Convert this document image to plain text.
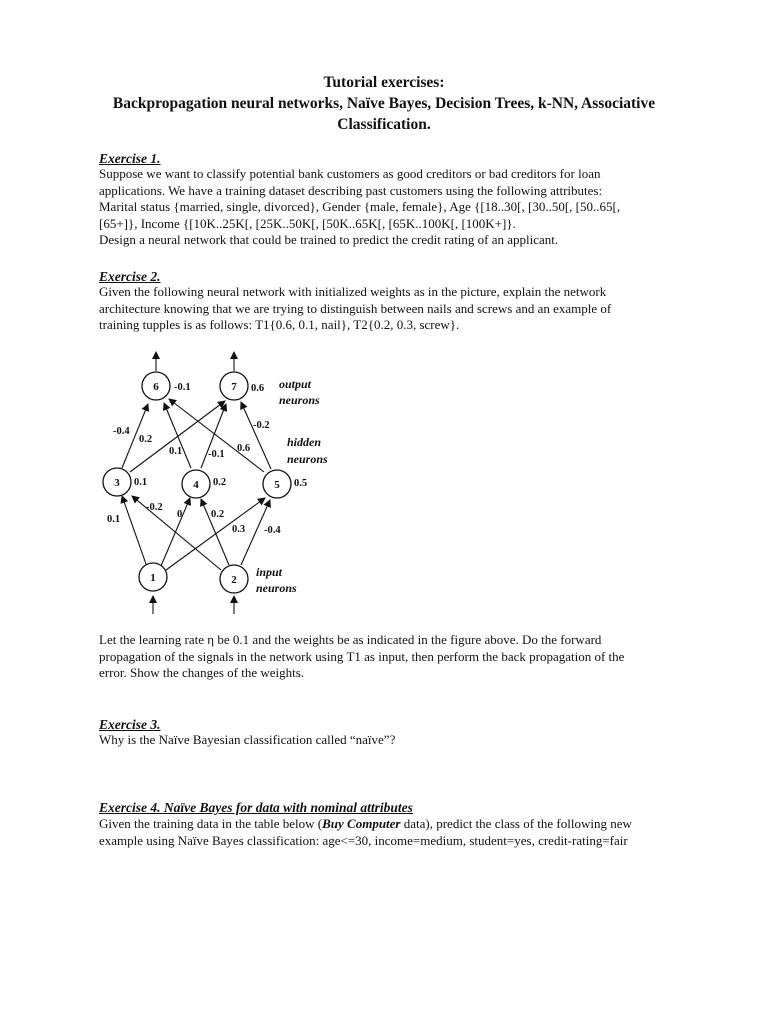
Tutorial exercises:
Backpropagation neural networks, Naïve Bayes, Decision Trees, k-NN, Associative
Classification.
Exercise 1.
Suppose we want to classify potential bank customers as good creditors or bad creditors for loan
applications. We have a training dataset describing past customers using the following attributes:
Marital status {married, single, divorced}, Gender {male, female}, Age {[18..30[, [30..50[, [50..65[,
[65+]}, Income {[10K..25K[, [25K..50K[, [50K..65K[, [65K..100K[, [100K+]}.
Design a neural network that could be trained to predict the credit rating of an applicant.
Exercise 2.
Given the following neural network with initialized weights as in the picture, explain the network
architecture knowing that we are trying to distinguish between nails and screws and an example of
training tupples is as follows: T1{0.6, 0.1, nail}, T2{0.2, 0.3, screw}.
6	7
3	4	5
1	2
-0.1	0.6
0.1	0.2	0.5
-0.4
0.2
0.1 -0.1
0.6
-0.2
0.1
-0.2
0.2
0
0.3 -0.4
output
neurons
hidden
neurons
input
neurons
Let the learning rate η be 0.1 and the weights be as indicated in the figure above. Do the forward
propagation of the signals in the network using T1 as input, then perform the back propagation of the
error. Show the changes of the weights.
Exercise 3.
Why is the Naïve Bayesian classification called “naïve”?
Exercise 4. Naïve Bayes for data with nominal attributes
Given the training data in the table below (Buy Computer data), predict the class of the following new
example using Naïve Bayes classification: age<=30, income=medium, student=yes, credit-rating=fair
